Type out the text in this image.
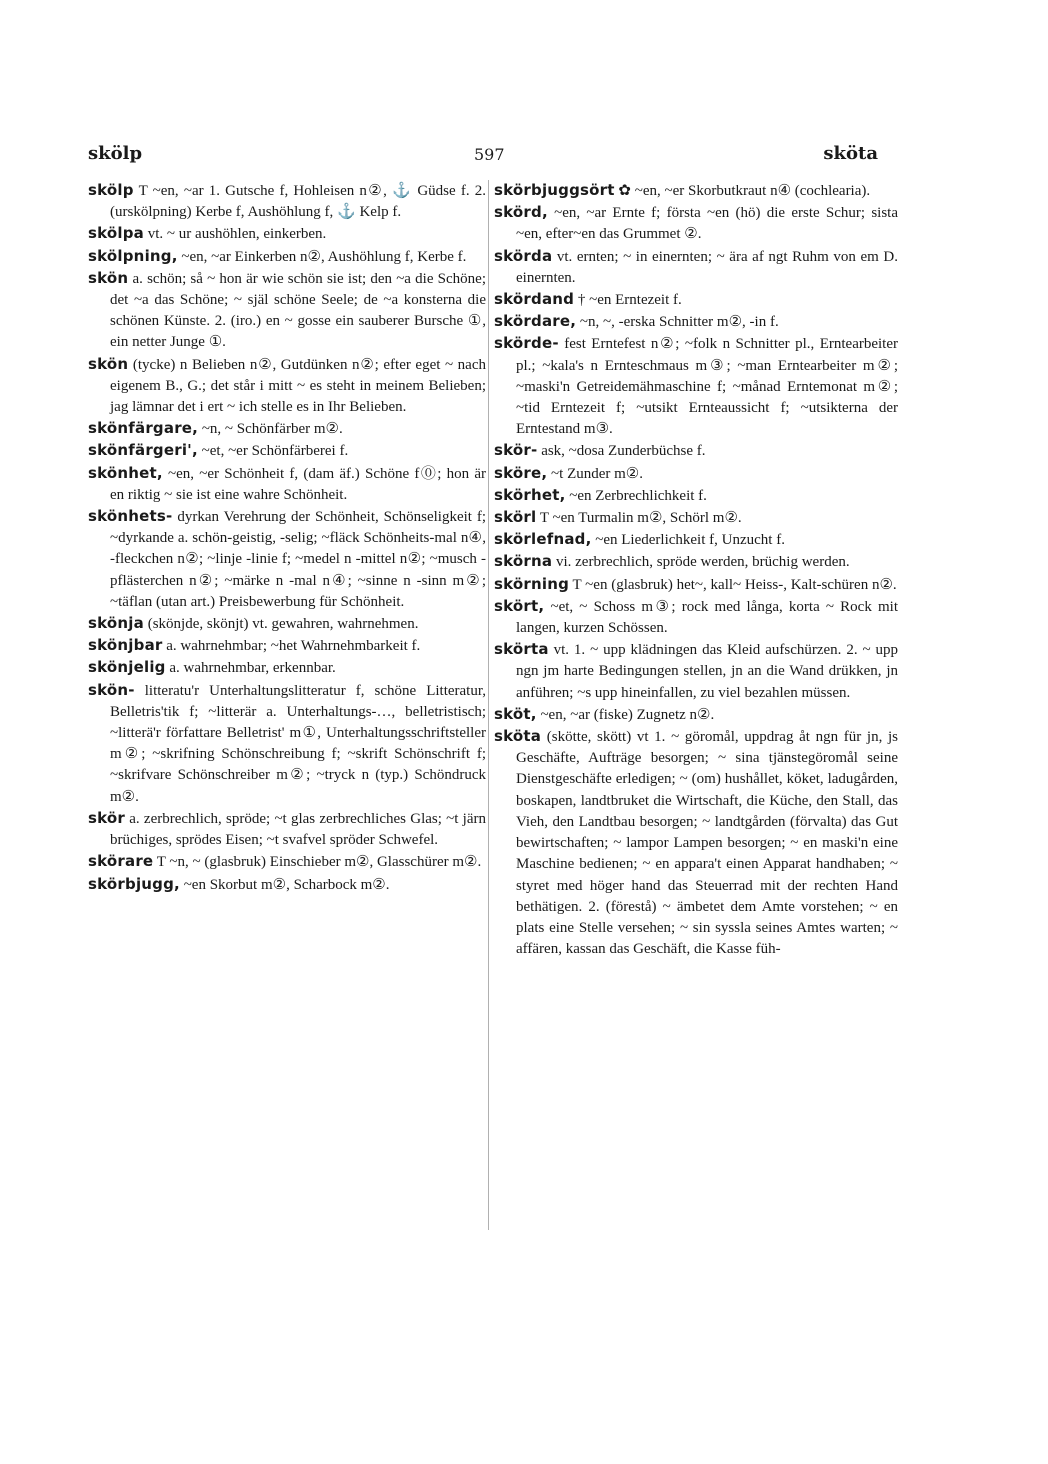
skölp	597	sköta
skölp T ~en, ~ar 1. Gutsche f, Hohleisen n②, ⚓ Güdse f. 2. (urskölpning) Kerbe f, Aushöhlung f, ⚓ Kelp f.
skölpa vt. ~ ur aushöhlen, einkerben.
skölpning, ~en, ~ar Einkerben n②, Aushöhlung f, Kerbe f.
skön a. schön; så ~ hon är wie schön sie ist; den ~a die Schöne; det ~a das Schöne; ~ själ schöne Seele; de ~a konsterna die schönen Künste. 2. (iro.) en ~ gosse ein sauberer Bursche ①, ein netter Junge ①.
skön (tycke) n Belieben n②, Gutdünken n②; efter eget ~ nach eigenem B., G.; det står i mitt ~ es steht in meinem Belieben; jag lämnar det i ert ~ ich stelle es in Ihr Belieben.
skönfärgare, ~n, ~ Schönfärber m②.
skönfärgeri', ~et, ~er Schönfärberei f.
skönhet, ~en, ~er Schönheit f, (dam äf.) Schöne f⓪; hon är en riktig ~ sie ist eine wahre Schönheit.
skönhets- dyrkan Verehrung der Schönheit, Schönseligkeit f; ~dyrkande a. schön-geistig, -selig; ~fläck Schönheits-mal n④, -fleckchen n②; ~linje -linie f; ~medel n -mittel n②; ~musch -pflästerchen n②; ~märke n -mal n④; ~sinne n -sinn m②; ~täflan (utan art.) Preisbewerbung für Schönheit.
skönja (skönjde, skönjt) vt. gewahren, wahrnehmen.
skönjbar a. wahrnehmbar; ~het Wahrnehmbarkeit f.
skönjelig a. wahrnehmbar, erkennbar.
skön- litteratu'r Unterhaltungslitteratur f, schöne Litteratur, Belletris'tik f; ~litterär a. Unterhaltungs-…, belletristisch; ~litterä'r författare Belletrist' m①, Unterhaltungsschriftsteller m②; ~skrifning Schönschreibung f; ~skrift Schönschrift f; ~skrifvare Schönschreiber m②; ~tryck n (typ.) Schöndruck m②.
skör a. zerbrechlich, spröde; ~t glas zerbrechliches Glas; ~t järn brüchiges, sprödes Eisen; ~t svafvel spröder Schwefel.
skörare T ~n, ~ (glasbruk) Einschieber m②, Glasschürer m②.
skörbjugg, ~en Skorbut m②, Scharbock m②.
skörbjuggsört ✿ ~en, ~er Skorbutkraut n④ (cochlearia).
skörd, ~en, ~ar Ernte f; första ~en (hö) die erste Schur; sista ~en, efter~en das Grummet ②.
skörda vt. ernten; ~ in einernten; ~ ära af ngt Ruhm von em D. einernten.
skördand † ~en Erntezeit f.
skördare, ~n, ~, -erska Schnitter m②, -in f.
skörde- fest Erntefest n②; ~folk n Schnitter pl., Erntearbeiter pl.; ~kala's n Ernteschmaus m③; ~man Erntearbeiter m②; ~maski'n Getreidemähmaschine f; ~månad Erntemonat m②; ~tid Erntezeit f; ~utsikt Ernteaussicht f; ~utsikterna der Erntestand m③.
skör- ask, ~dosa Zunderbüchse f.
sköre, ~t Zunder m②.
skörhet, ~en Zerbrechlichkeit f.
skörl T ~en Turmalin m②, Schörl m②.
skörlefnad, ~en Liederlichkeit f, Unzucht f.
skörna vi. zerbrechlich, spröde werden, brüchig werden.
skörning T ~en (glasbruk) het~, kall~ Heiss-, Kalt-schüren n②.
skört, ~et, ~ Schoss m③; rock med långa, korta ~ Rock mit langen, kurzen Schössen.
skörta vt. 1. ~ upp klädningen das Kleid aufschürzen. 2. ~ upp ngn jm harte Bedingungen stellen, jn an die Wand drükken, jn anführen; ~s upp hineinfallen, zu viel bezahlen müssen.
sköt, ~en, ~ar (fiske) Zugnetz n②.
sköta (skötte, skött) vt 1. ~ göromål, uppdrag åt ngn für jn, js Geschäfte, Aufträge besorgen; ~ sina tjänstegöromål seine Dienstgeschäfte erledigen; ~ (om) hushållet, köket, ladugården, boskapen, landtbruket die Wirtschaft, die Küche, den Stall, das Vieh, den Landtbau besorgen; ~ landtgården (förvalta) das Gut bewirtschaften; ~ lampor Lampen besorgen; ~ en maski'n eine Maschine bedienen; ~ en appara't einen Apparat handhaben; ~ styret med höger hand das Steuerrad mit der rechten Hand bethätigen. 2. (förestå) ~ ämbetet dem Amte vorstehen; ~ en plats eine Stelle versehen; ~ sin syssla seines Amtes warten; ~ affären, kassan das Geschäft, die Kasse füh-
